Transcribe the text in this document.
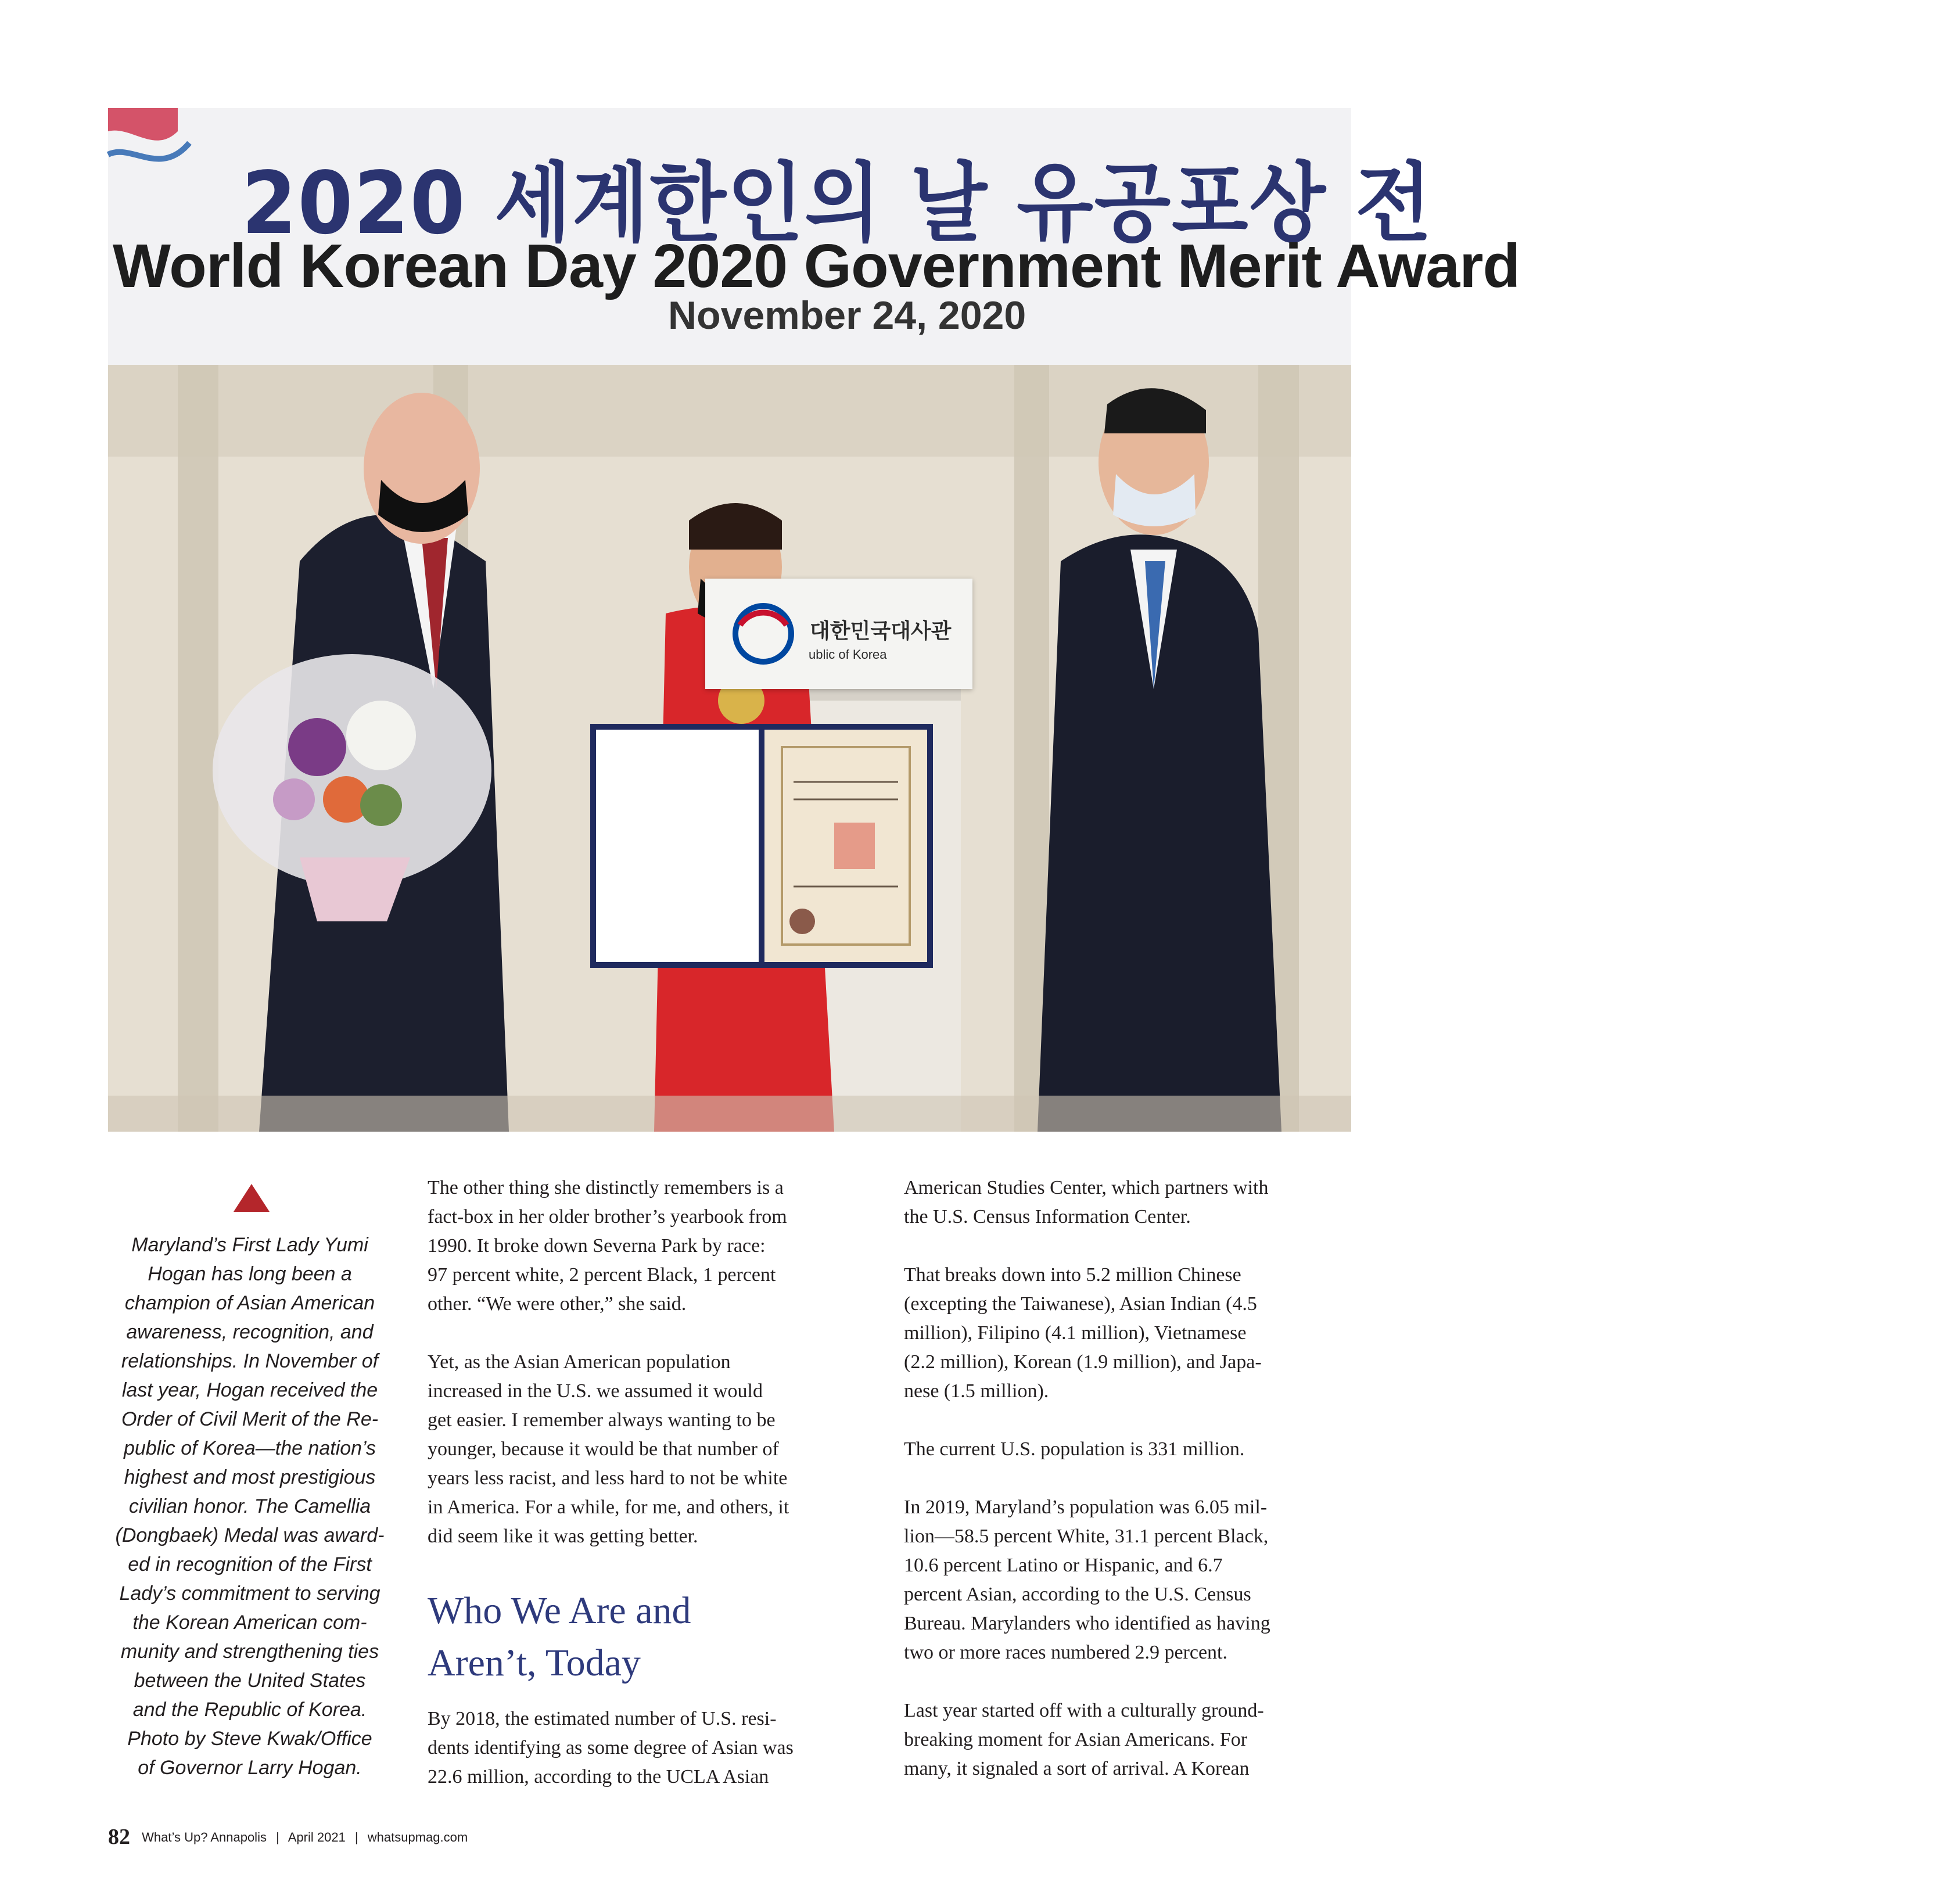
2020 세계한인의 날 유공포상 전
World Korean Day 2020 Government Merit Award
November 24, 2020
대한민국대사관
ublic of Korea
Maryland’s First Lady Yumi
Hogan has long been a
champion of Asian American
awareness, recognition, and
relationships. In November of
last year, Hogan received the
Order of Civil Merit of the Re-
public of Korea—the nation’s
highest and most prestigious
civilian honor. The Camellia
(Dongbaek) Medal was award-
ed in recognition of the First
Lady’s commitment to serving
the Korean American com-
munity and strengthening ties
between the United States
and the Republic of Korea.
Photo by Steve Kwak/Office
of Governor Larry Hogan.
The other thing she distinctly remembers is a
fact-box in her older brother’s yearbook from
1990. It broke down Severna Park by race:
97 percent white, 2 percent Black, 1 percent
other. “We were other,” she said.
Yet, as the Asian American population
increased in the U.S. we assumed it would
get easier. I remember always wanting to be
younger, because it would be that number of
years less racist, and less hard to not be white
in America. For a while, for me, and others, it
did seem like it was getting better.
Who We Are and
Aren’t, Today
By 2018, the estimated number of U.S. resi-
dents identifying as some degree of Asian was
22.6 million, according to the UCLA Asian
American Studies Center, which partners with
the U.S. Census Information Center.
That breaks down into 5.2 million Chinese
(excepting the Taiwanese), Asian Indian (4.5
million), Filipino (4.1 million), Vietnamese
(2.2 million), Korean (1.9 million), and Japa-
nese (1.5 million).
The current U.S. population is 331 million.
In 2019, Maryland’s population was 6.05 mil-
lion—58.5 percent White, 31.1 percent Black,
10.6 percent Latino or Hispanic, and 6.7
percent Asian, according to the U.S. Census
Bureau. Marylanders who identified as having
two or more races numbered 2.9 percent.
Last year started off with a culturally ground-
breaking moment for Asian Americans. For
many, it signaled a sort of arrival. A Korean
82 What’s Up? Annapolis | April 2021 | whatsupmag.com
